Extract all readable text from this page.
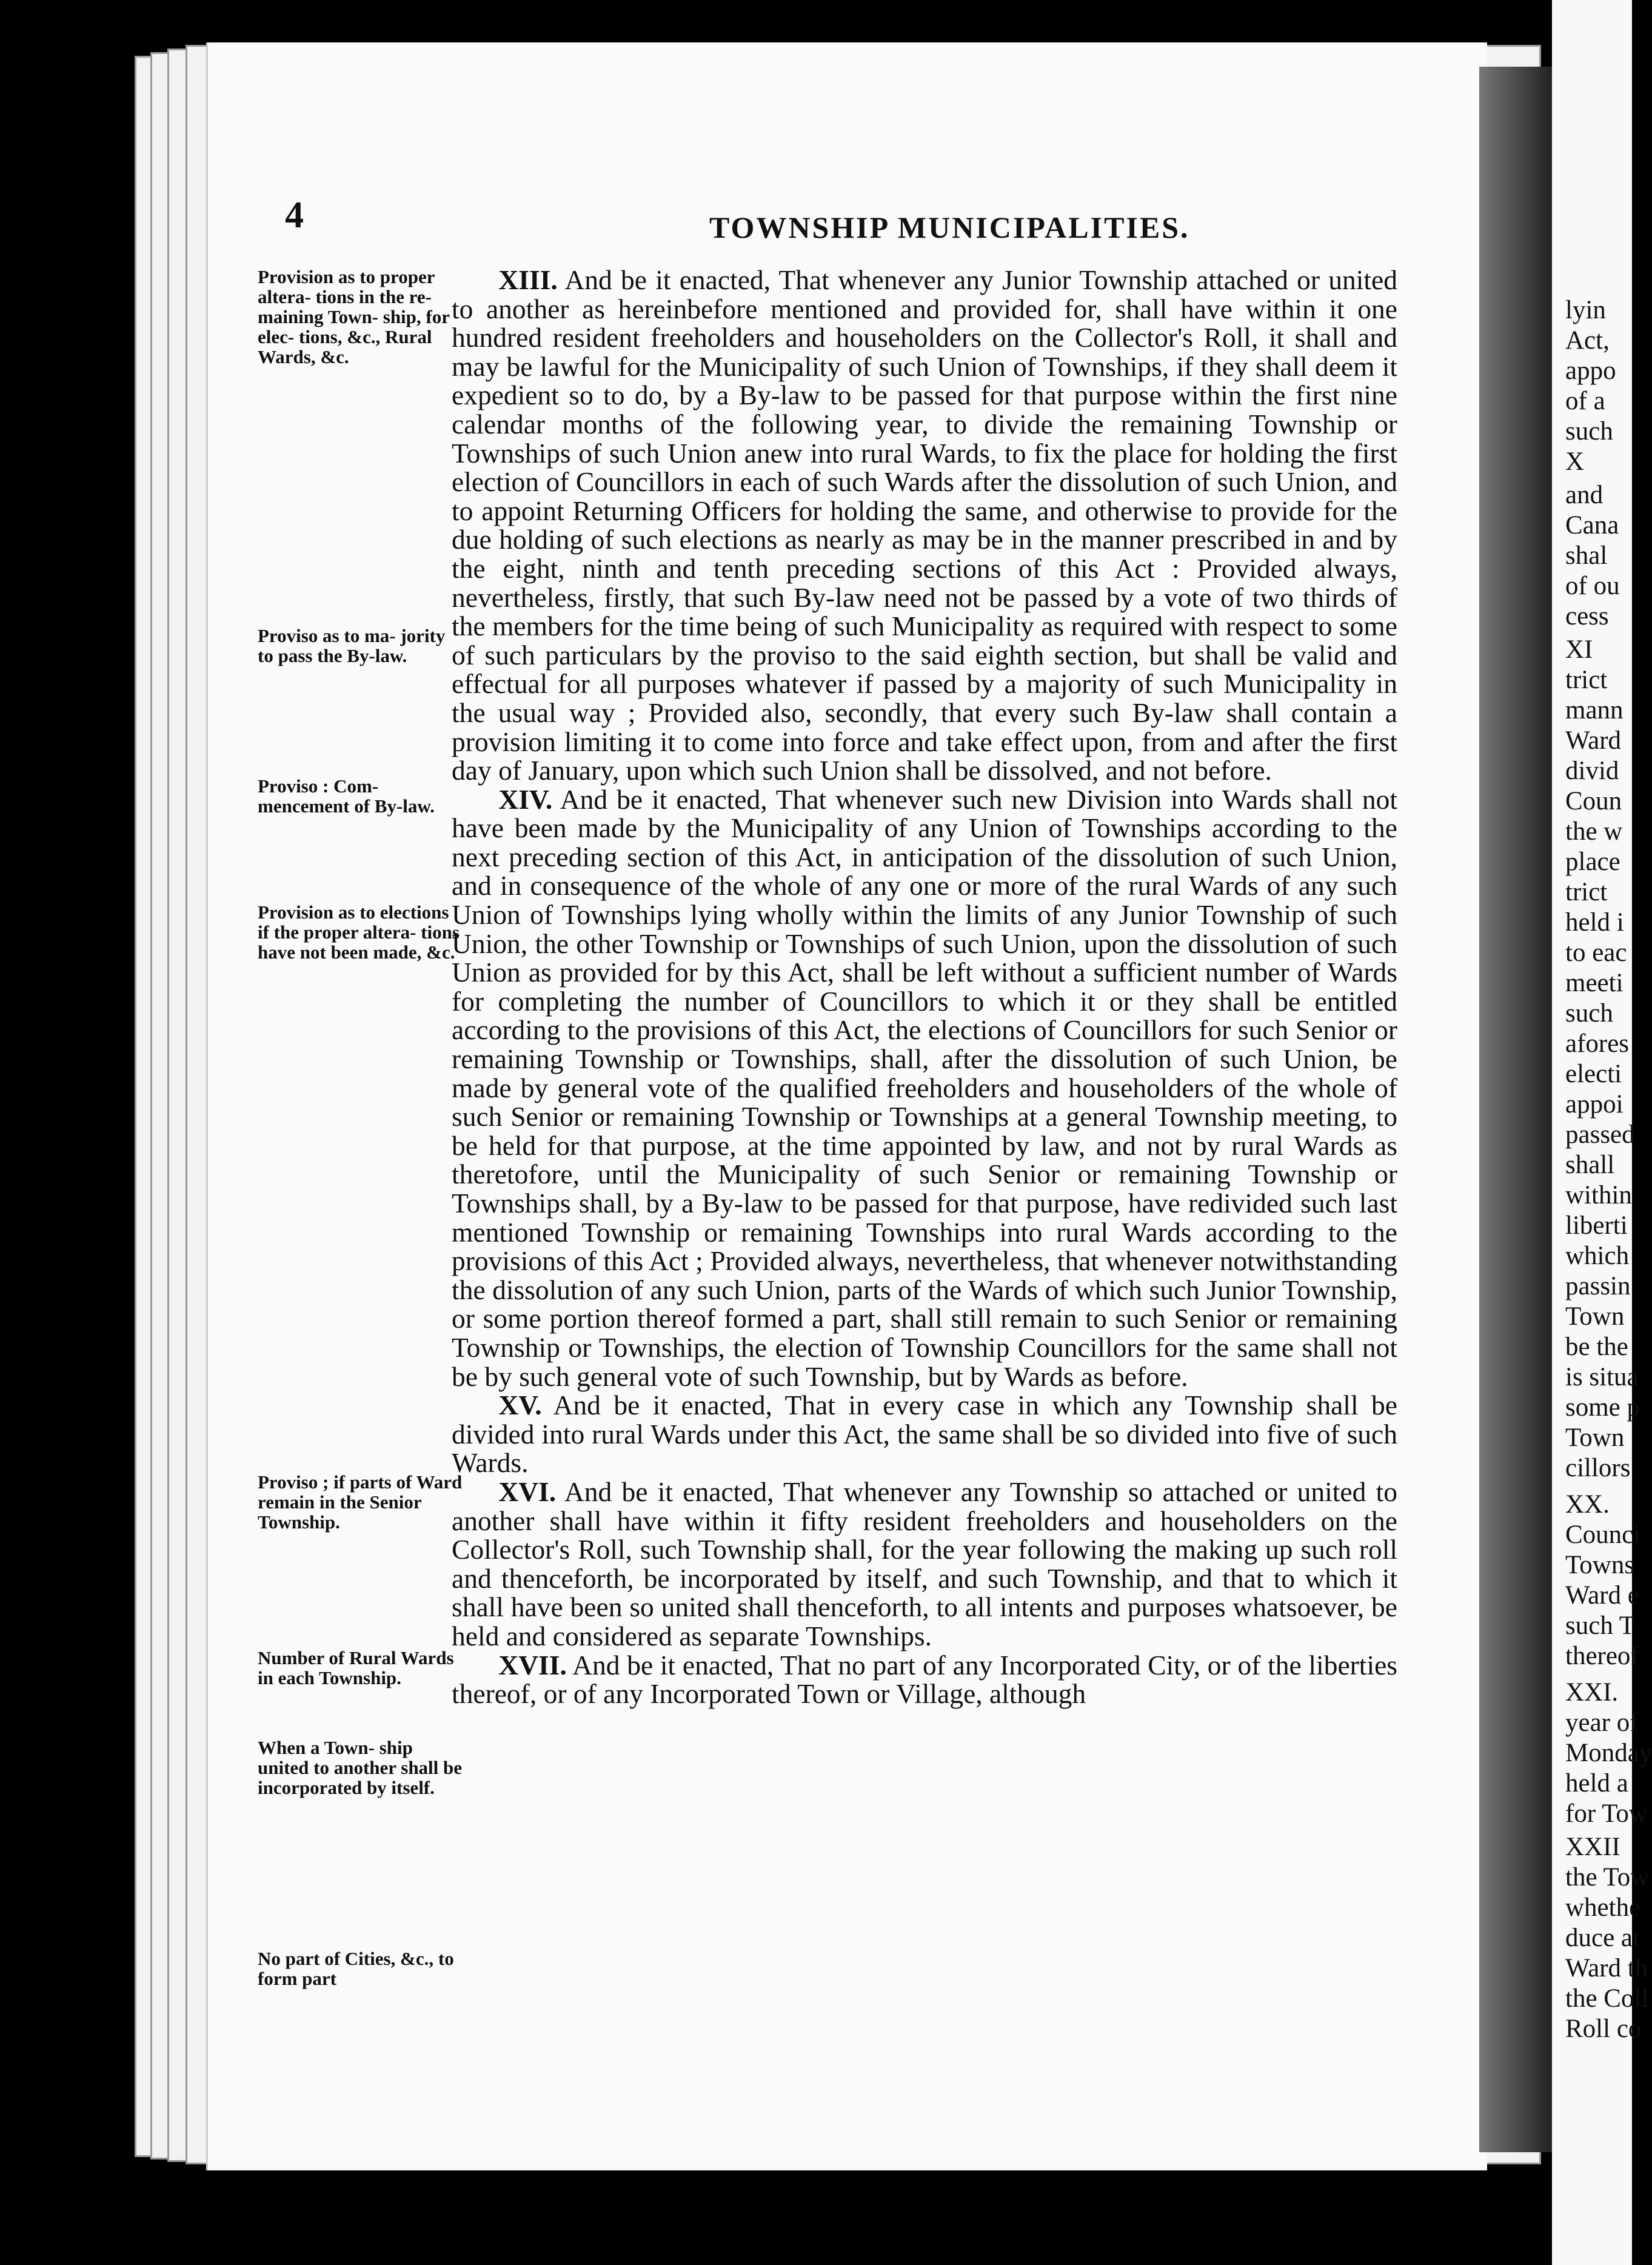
4	TOWNSHIP MUNICIPALITIES.
Provision as to proper altera- tions in the re- maining Town- ship, for elec- tions, &c., Rural Wards, &c.
Proviso as to ma- jority to pass the By-law.
Proviso : Com- mencement of By-law.
Provision as to elections if the proper altera- tions have not been made, &c.
Proviso ; if parts of Ward remain in the Senior Township.
Number of Rural Wards in each Township.
When a Town- ship united to another shall be incorporated by itself.
No part of Cities, &c., to form part

XIII. And be it enacted, That whenever any Junior Township attached or united to another as hereinbefore mentioned and provided for, shall have within it one hundred resident freeholders and householders on the Collector's Roll, it shall and may be lawful for the Municipality of such Union of Townships, if they shall deem it expedient so to do, by a By-law to be passed for that purpose within the first nine calendar months of the following year, to divide the remaining Township or Townships of such Union anew into rural Wards, to fix the place for holding the first election of Councillors in each of such Wards after the dissolution of such Union, and to appoint Returning Officers for holding the same, and otherwise to provide for the due holding of such elections as nearly as may be in the manner prescribed in and by the eight, ninth and tenth preceding sections of this Act : Provided always, nevertheless, firstly, that such By-law need not be passed by a vote of two thirds of the members for the time being of such Municipality as required with respect to some of such particulars by the proviso to the said eighth section, but shall be valid and effectual for all purposes whatever if passed by a majority of such Municipality in the usual way ; Provided also, secondly, that every such By-law shall contain a provision limiting it to come into force and take effect upon, from and after the first day of January, upon which such Union shall be dissolved, and not before.

XIV. And be it enacted, That whenever such new Division into Wards shall not have been made by the Municipality of any Union of Townships according to the next preceding section of this Act, in anticipation of the dissolution of such Union, and in consequence of the whole of any one or more of the rural Wards of any such Union of Townships lying wholly within the limits of any Junior Township of such Union, the other Township or Townships of such Union, upon the dissolution of such Union as provided for by this Act, shall be left without a sufficient number of Wards for completing the number of Councillors to which it or they shall be entitled according to the provisions of this Act, the elections of Councillors for such Senior or remaining Township or Townships, shall, after the dissolution of such Union, be made by general vote of the qualified freeholders and householders of the whole of such Senior or remaining Township or Townships at a general Township meeting, to be held for that purpose, at the time appointed by law, and not by rural Wards as theretofore, until the Municipality of such Senior or remaining Township or Townships shall, by a By-law to be passed for that purpose, have redivided such last mentioned Township or remaining Townships into rural Wards according to the provisions of this Act ; Provided always, nevertheless, that whenever notwithstanding the dissolution of any such Union, parts of the Wards of which such Junior Township, or some portion thereof formed a part, shall still remain to such Senior or remaining Township or Townships, the election of Township Councillors for the same shall not be by such general vote of such Township, but by Wards as before.

XV. And be it enacted, That in every case in which any Township shall be divided into rural Wards under this Act, the same shall be so divided into five of such Wards.

XVI. And be it enacted, That whenever any Township so attached or united to another shall have within it fifty resident freeholders and householders on the Collector's Roll, such Township shall, for the year following the making up such roll and thenceforth, be incorporated by itself, and such Township, and that to which it shall have been so united shall thenceforth, to all intents and purposes whatsoever, be held and considered as separate Townships.

XVII. And be it enacted, That no part of any Incorporated City, or of the liberties thereof, or of any Incorporated Town or Village, although

lyin
Act,
appo
of a
such
X
and
Cana
shal
of ou
cess
XI
trict
mann
Ward
divid
Coun
the w
place
trict
held i
to eac
meeti
such
afores
electi
appoi
passed
shall
within
liberti
which
passin
Town
be the
is situa
some p
Town
cillors
XX.
Counci
Towns
Ward e
such T
thereof
XXI.
year of
Monday
held a
for Tow
XXII
the Tow
whethe
duce at
Ward th
the Coll
Roll co
